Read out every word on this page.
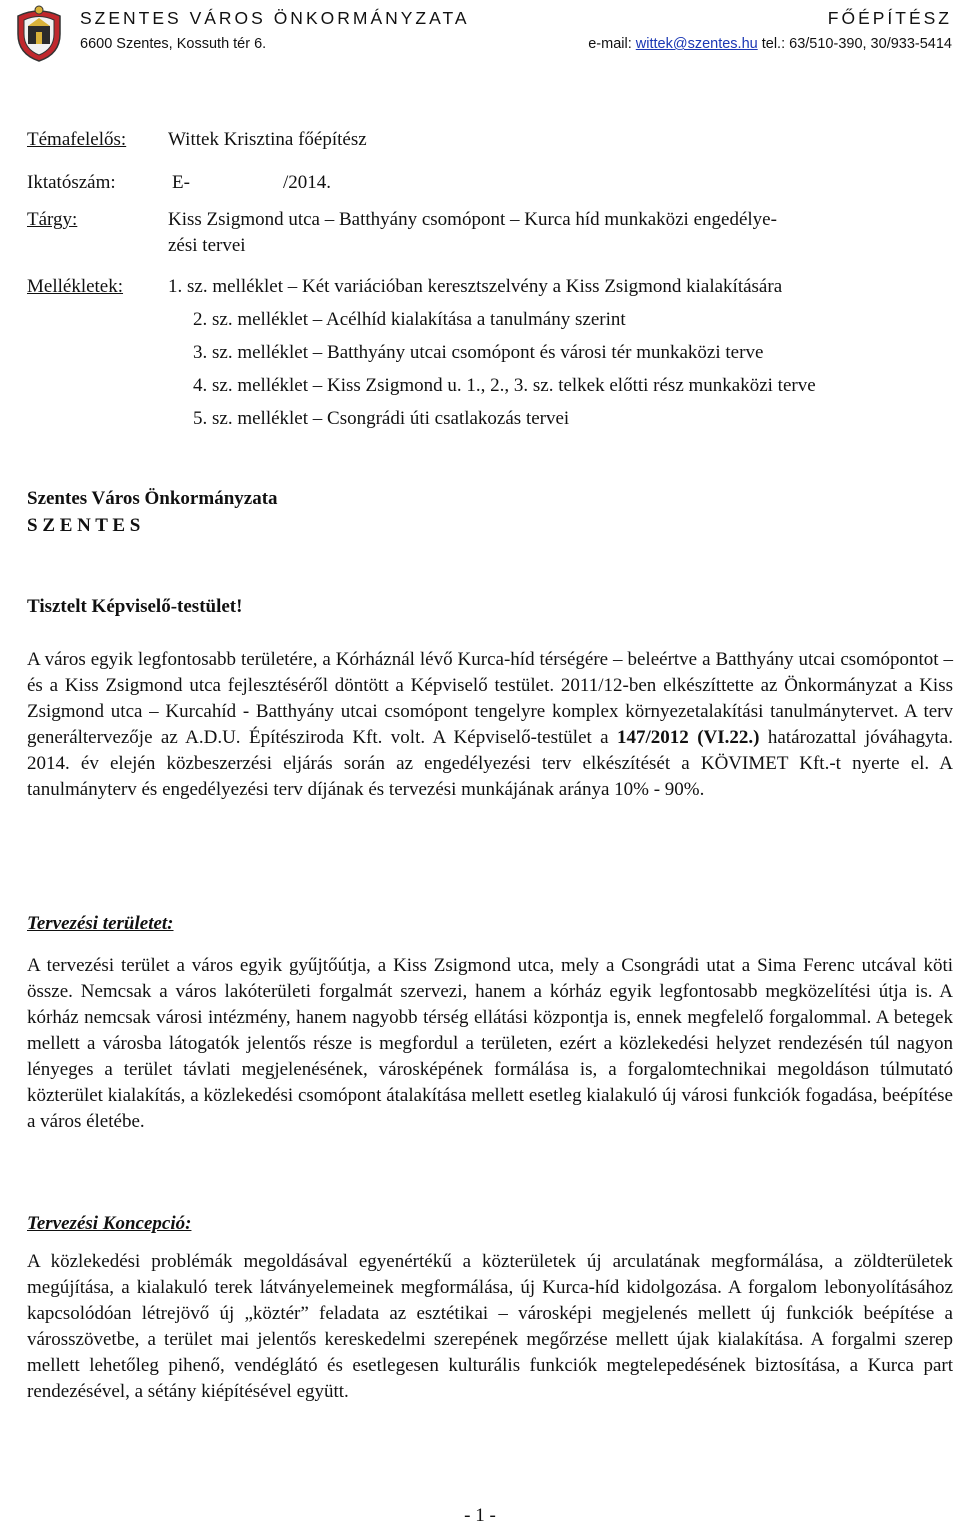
SZENTES VÁROS ÖNKORMÁNYZATA	FŐÉPÍTÉSZ
6600 Szentes, Kossuth tér 6.	e-mail: wittek@szentes.hu tel.: 63/510-390, 30/933-5414
Témafelelős: Wittek Krisztina főépítész
Iktatószám:	E-	/2014.
Tárgy:	Kiss Zsigmond utca – Batthyány csomópont – Kurca híd munkaközi engedélye-
zési tervei
Mellékletek: 1. sz. melléklet – Két variációban keresztszelvény a Kiss Zsigmond kialakítására
2. sz. melléklet – Acélhíd kialakítása a tanulmány szerint
3. sz. melléklet – Batthyány utcai csomópont és városi tér munkaközi terve
4. sz. melléklet – Kiss Zsigmond u. 1., 2., 3. sz. telkek előtti rész munkaközi terve
5. sz. melléklet – Csongrádi úti csatlakozás tervei
Szentes Város Önkormányzata
S Z E N T E S
Tisztelt Képviselő-testület!

A város egyik legfontosabb területére, a Kórháznál lévő Kurca-híd térségére – beleértve a Batthyány utcai csomópontot – és a Kiss Zsigmond utca fejlesztéséről döntött a Képviselő testület. 2011/12-ben elkészíttette az Önkormányzat a Kiss Zsigmond utca – Kurcahíd - Batthyány utcai csomópont tengelyre komplex környezetalakítási tanulmánytervet. A terv generáltervezője az A.D.U. Építésziroda Kft. volt. A Képviselő-testület a 147/2012 (VI.22.) határozattal jóváhagyta. 2014. év elején közbeszerzési eljárás során az engedélyezési terv elkészítését a KÖVIMET Kft.-t nyerte el. A tanulmányterv és engedélyezési terv díjának és tervezési munkájának aránya 10% - 90%.

Tervezési területet:
A tervezési terület a város egyik gyűjtőútja, a Kiss Zsigmond utca, mely a Csongrádi utat a Sima Ferenc utcával köti össze. Nemcsak a város lakóterületi forgalmát szervezi, hanem a kórház egyik legfontosabb megközelítési útja is. A kórház nemcsak városi intézmény, hanem nagyobb térség ellátási központja is, ennek megfelelő forgalommal. A betegek mellett a városba látogatók jelentős része is megfordul a területen, ezért a közlekedési helyzet rendezésén túl nagyon lényeges a terület távlati megjelenésének, városképének formálása is, a forgalomtechnikai megoldáson túlmutató közterület kialakítás, a közlekedési csomópont átalakítása mellett esetleg kialakuló új városi funkciók fogadása, beépítése a város életébe.
Tervezési Koncepció:
A közlekedési problémák megoldásával egyenértékű a közterületek új arculatának megformálása, a zöldterületek megújítása, a kialakuló terek látványelemeinek megformálása, új Kurca-híd kidolgozása. A forgalom lebonyolításához kapcsolódóan létrejövő új „köztér” feladata az esztétikai – városképi megjelenés mellett új funkciók beépítése a városszövetbe, a terület mai jelentős kereskedelmi szerepének megőrzése mellett újak kialakítása. A forgalmi szerep mellett lehetőleg pihenő, vendéglátó és esetlegesen kulturális funkciók megtelepedésének biztosítása, a Kurca part rendezésével, a sétány kiépítésével együtt.
- 1 -
